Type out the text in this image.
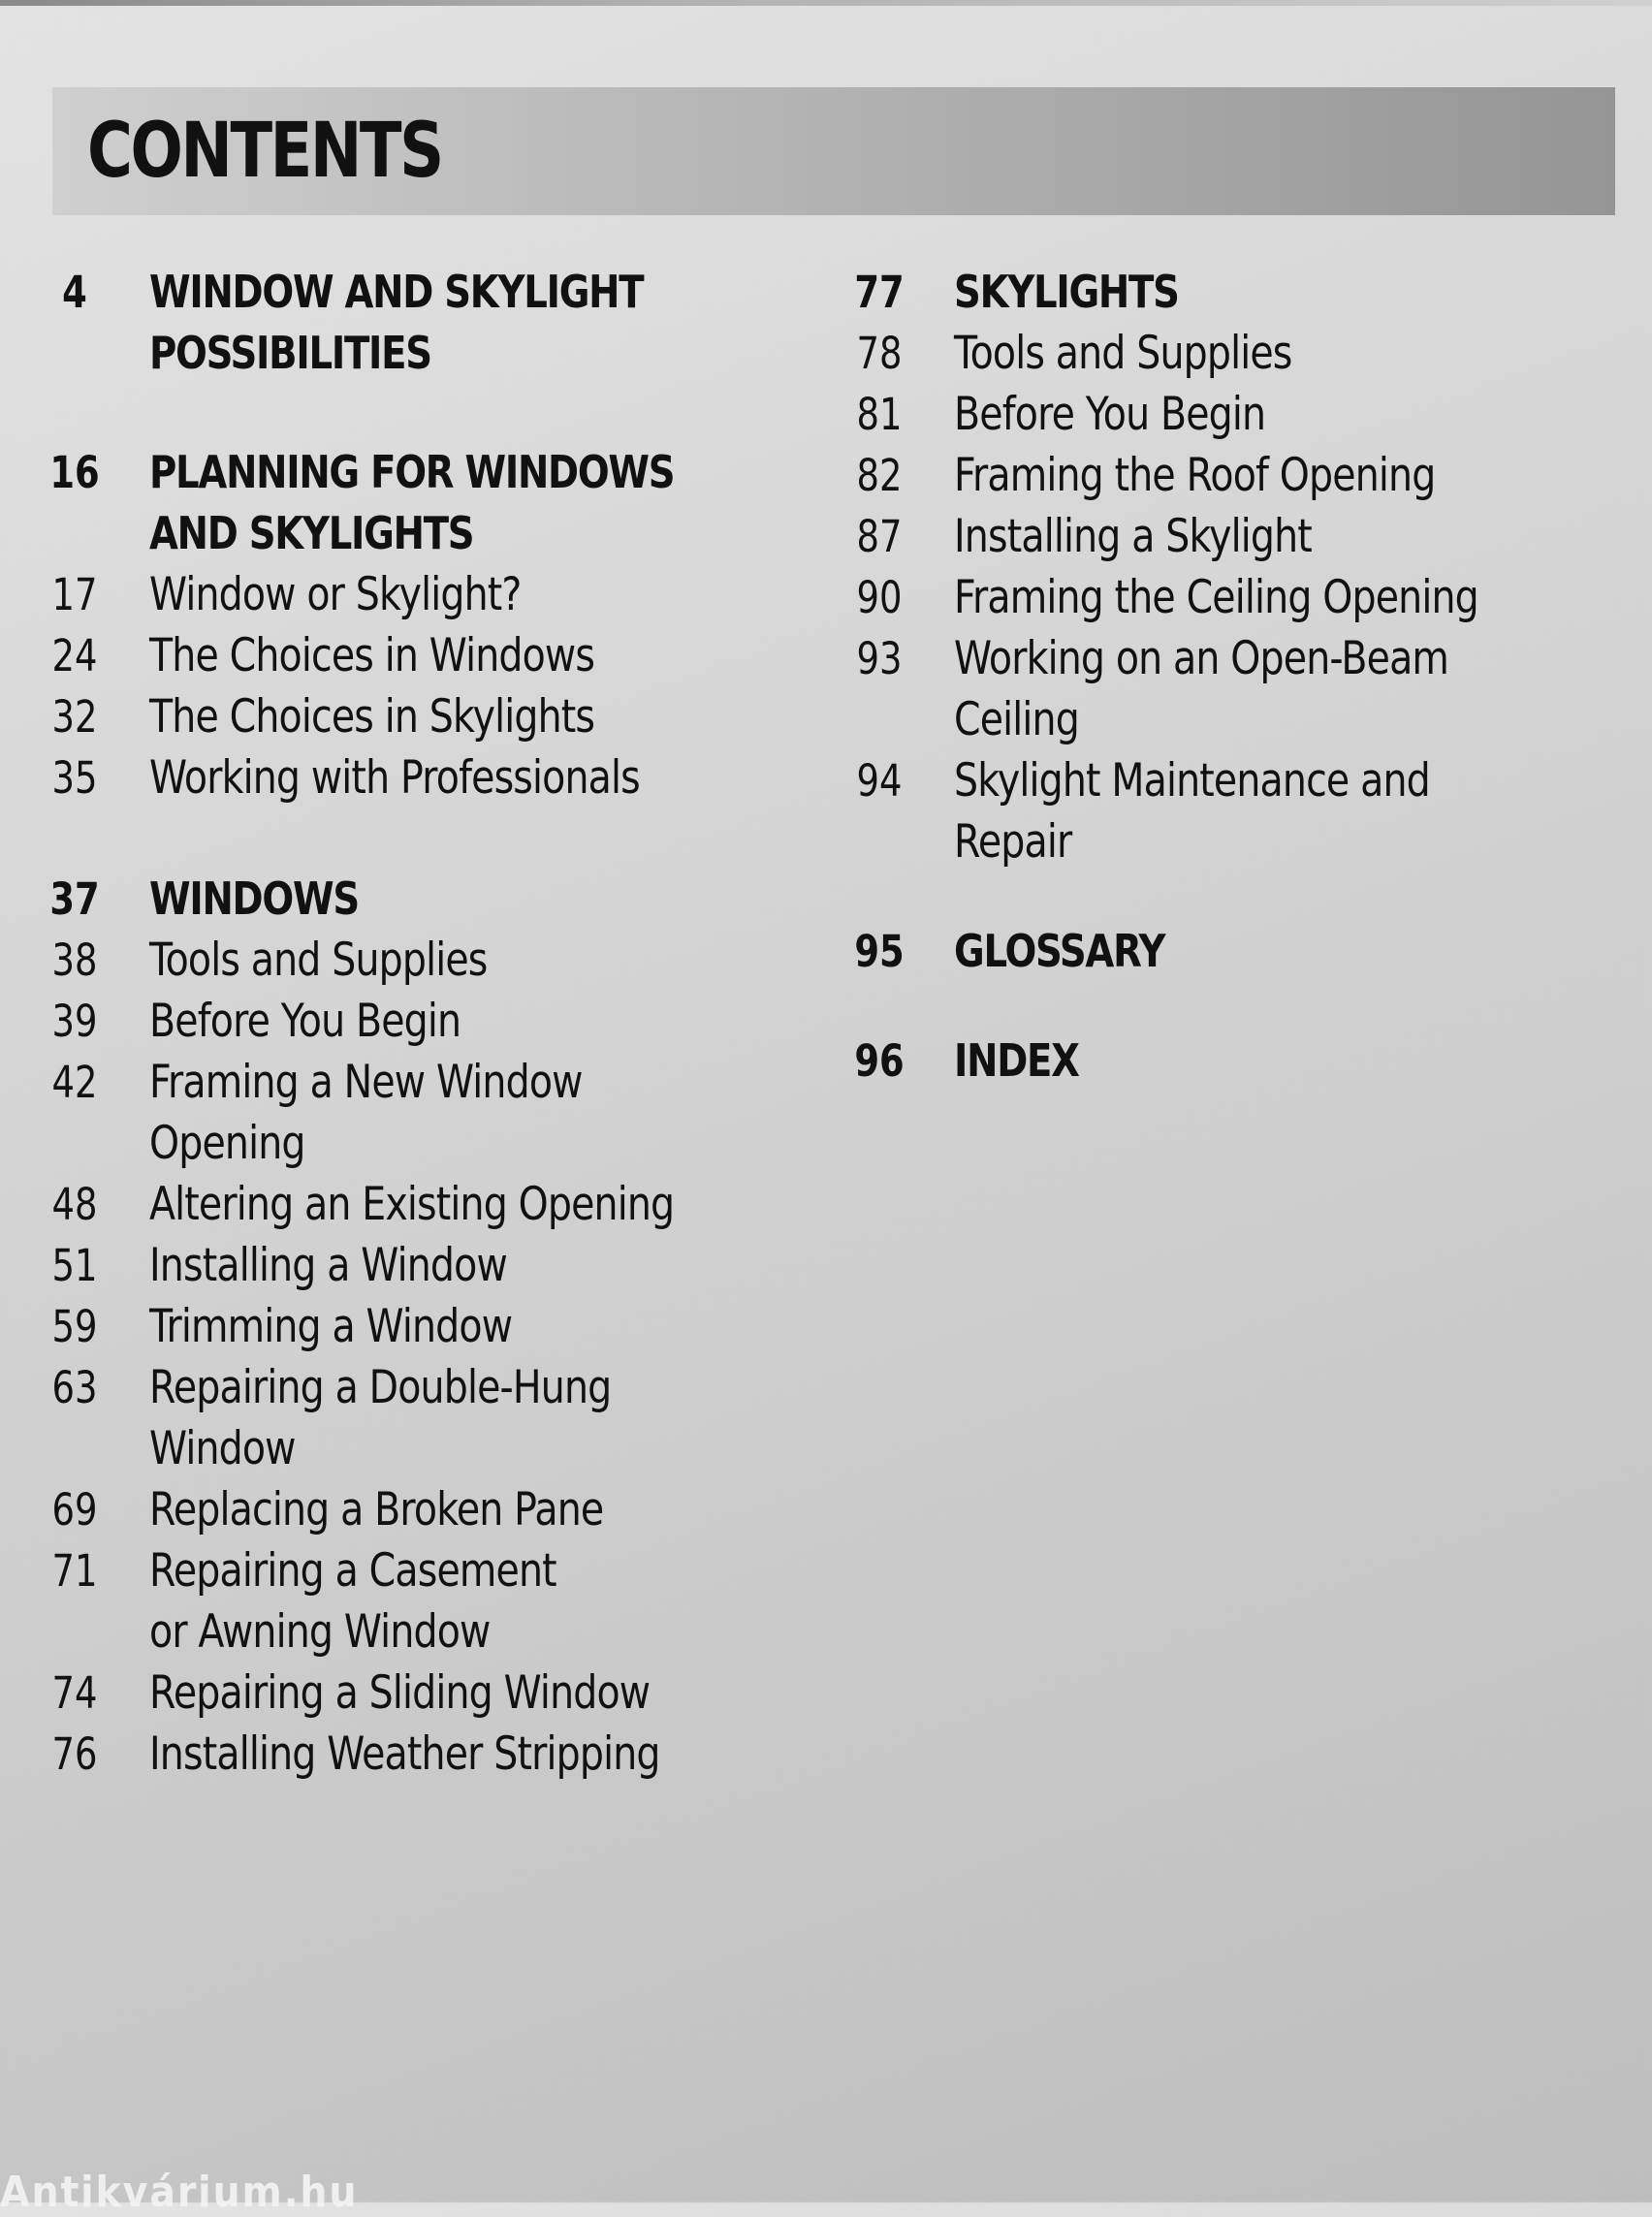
CONTENTS
4	WINDOW AND SKYLIGHT
POSSIBILITIES
16 PLANNING FOR WINDOWS
AND SKYLIGHTS
17 Window or Skylight?
24 The Choices in Windows
32 The Choices in Skylights
35 Working with Professionals
37 WINDOWS
38 Tools and Supplies
39 Before You Begin
42 Framing a New Window Opening
48 Altering an Existing Opening
51 Installing a Window
59 Trimming a Window
63 Repairing a Double-Hung Window
69 Replacing a Broken Pane
71 Repairing a Casement
or Awning Window
74 Repairing a Sliding Window
76 Installing Weather Stripping
77 SKYLIGHTS
78 Tools and Supplies
81 Before You Begin
82 Framing the Roof Opening
87 Installing a Skylight
90 Framing the Ceiling Opening
93 Working on an Open-Beam Ceiling
94 Skylight Maintenance and Repair
95 GLOSSARY
96 INDEX
Antikvárium.hu
